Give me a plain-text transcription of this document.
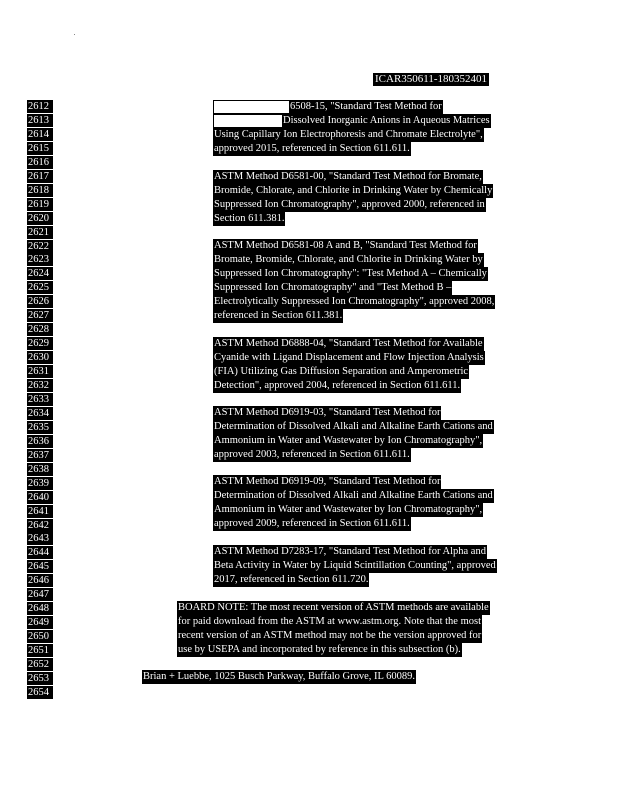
ICAR350611-180352401
2612
2613
2614
2615
2616
2617
2618
2619
2620
2621
2622
2623
2624
2625
2626
2627
2628
2629
2630
2631
2632
2633
2634
2635
2636
2637
2638
2639
2640
2641
2642
2643
2644
2645
2646
2647
2648
2649
2650
2651
2652
2653
2654
6508-15, "Standard Test Method for
Dissolved Inorganic Anions in Aqueous Matrices
Using Capillary Ion Electrophoresis and Chromate Electrolyte",
approved 2015, referenced in Section 611.611.
ASTM Method D6581-00, "Standard Test Method for Bromate,
Bromide, Chlorate, and Chlorite in Drinking Water by Chemically
Suppressed Ion Chromatography", approved 2000, referenced in
Section 611.381.
ASTM Method D6581-08 A and B, "Standard Test Method for
Bromate, Bromide, Chlorate, and Chlorite in Drinking Water by
Suppressed Ion Chromatography": "Test Method A – Chemically
Suppressed Ion Chromatography" and "Test Method B –
Electrolytically Suppressed Ion Chromatography", approved 2008,
referenced in Section 611.381.
ASTM Method D6888-04, "Standard Test Method for Available
Cyanide with Ligand Displacement and Flow Injection Analysis
(FIA) Utilizing Gas Diffusion Separation and Amperometric
Detection", approved 2004, referenced in Section 611.611.
ASTM Method D6919-03, "Standard Test Method for
Determination of Dissolved Alkali and Alkaline Earth Cations and
Ammonium in Water and Wastewater by Ion Chromatography",
approved 2003, referenced in Section 611.611.
ASTM Method D6919-09, "Standard Test Method for
Determination of Dissolved Alkali and Alkaline Earth Cations and
Ammonium in Water and Wastewater by Ion Chromatography",
approved 2009, referenced in Section 611.611.
ASTM Method D7283-17, "Standard Test Method for Alpha and
Beta Activity in Water by Liquid Scintillation Counting", approved
2017, referenced in Section 611.720.
BOARD NOTE: The most recent version of ASTM methods are available
for paid download from the ASTM at www.astm.org. Note that the most
recent version of an ASTM method may not be the version approved for
use by USEPA and incorporated by reference in this subsection (b).
Brian + Luebbe, 1025 Busch Parkway, Buffalo Grove, IL 60089.
